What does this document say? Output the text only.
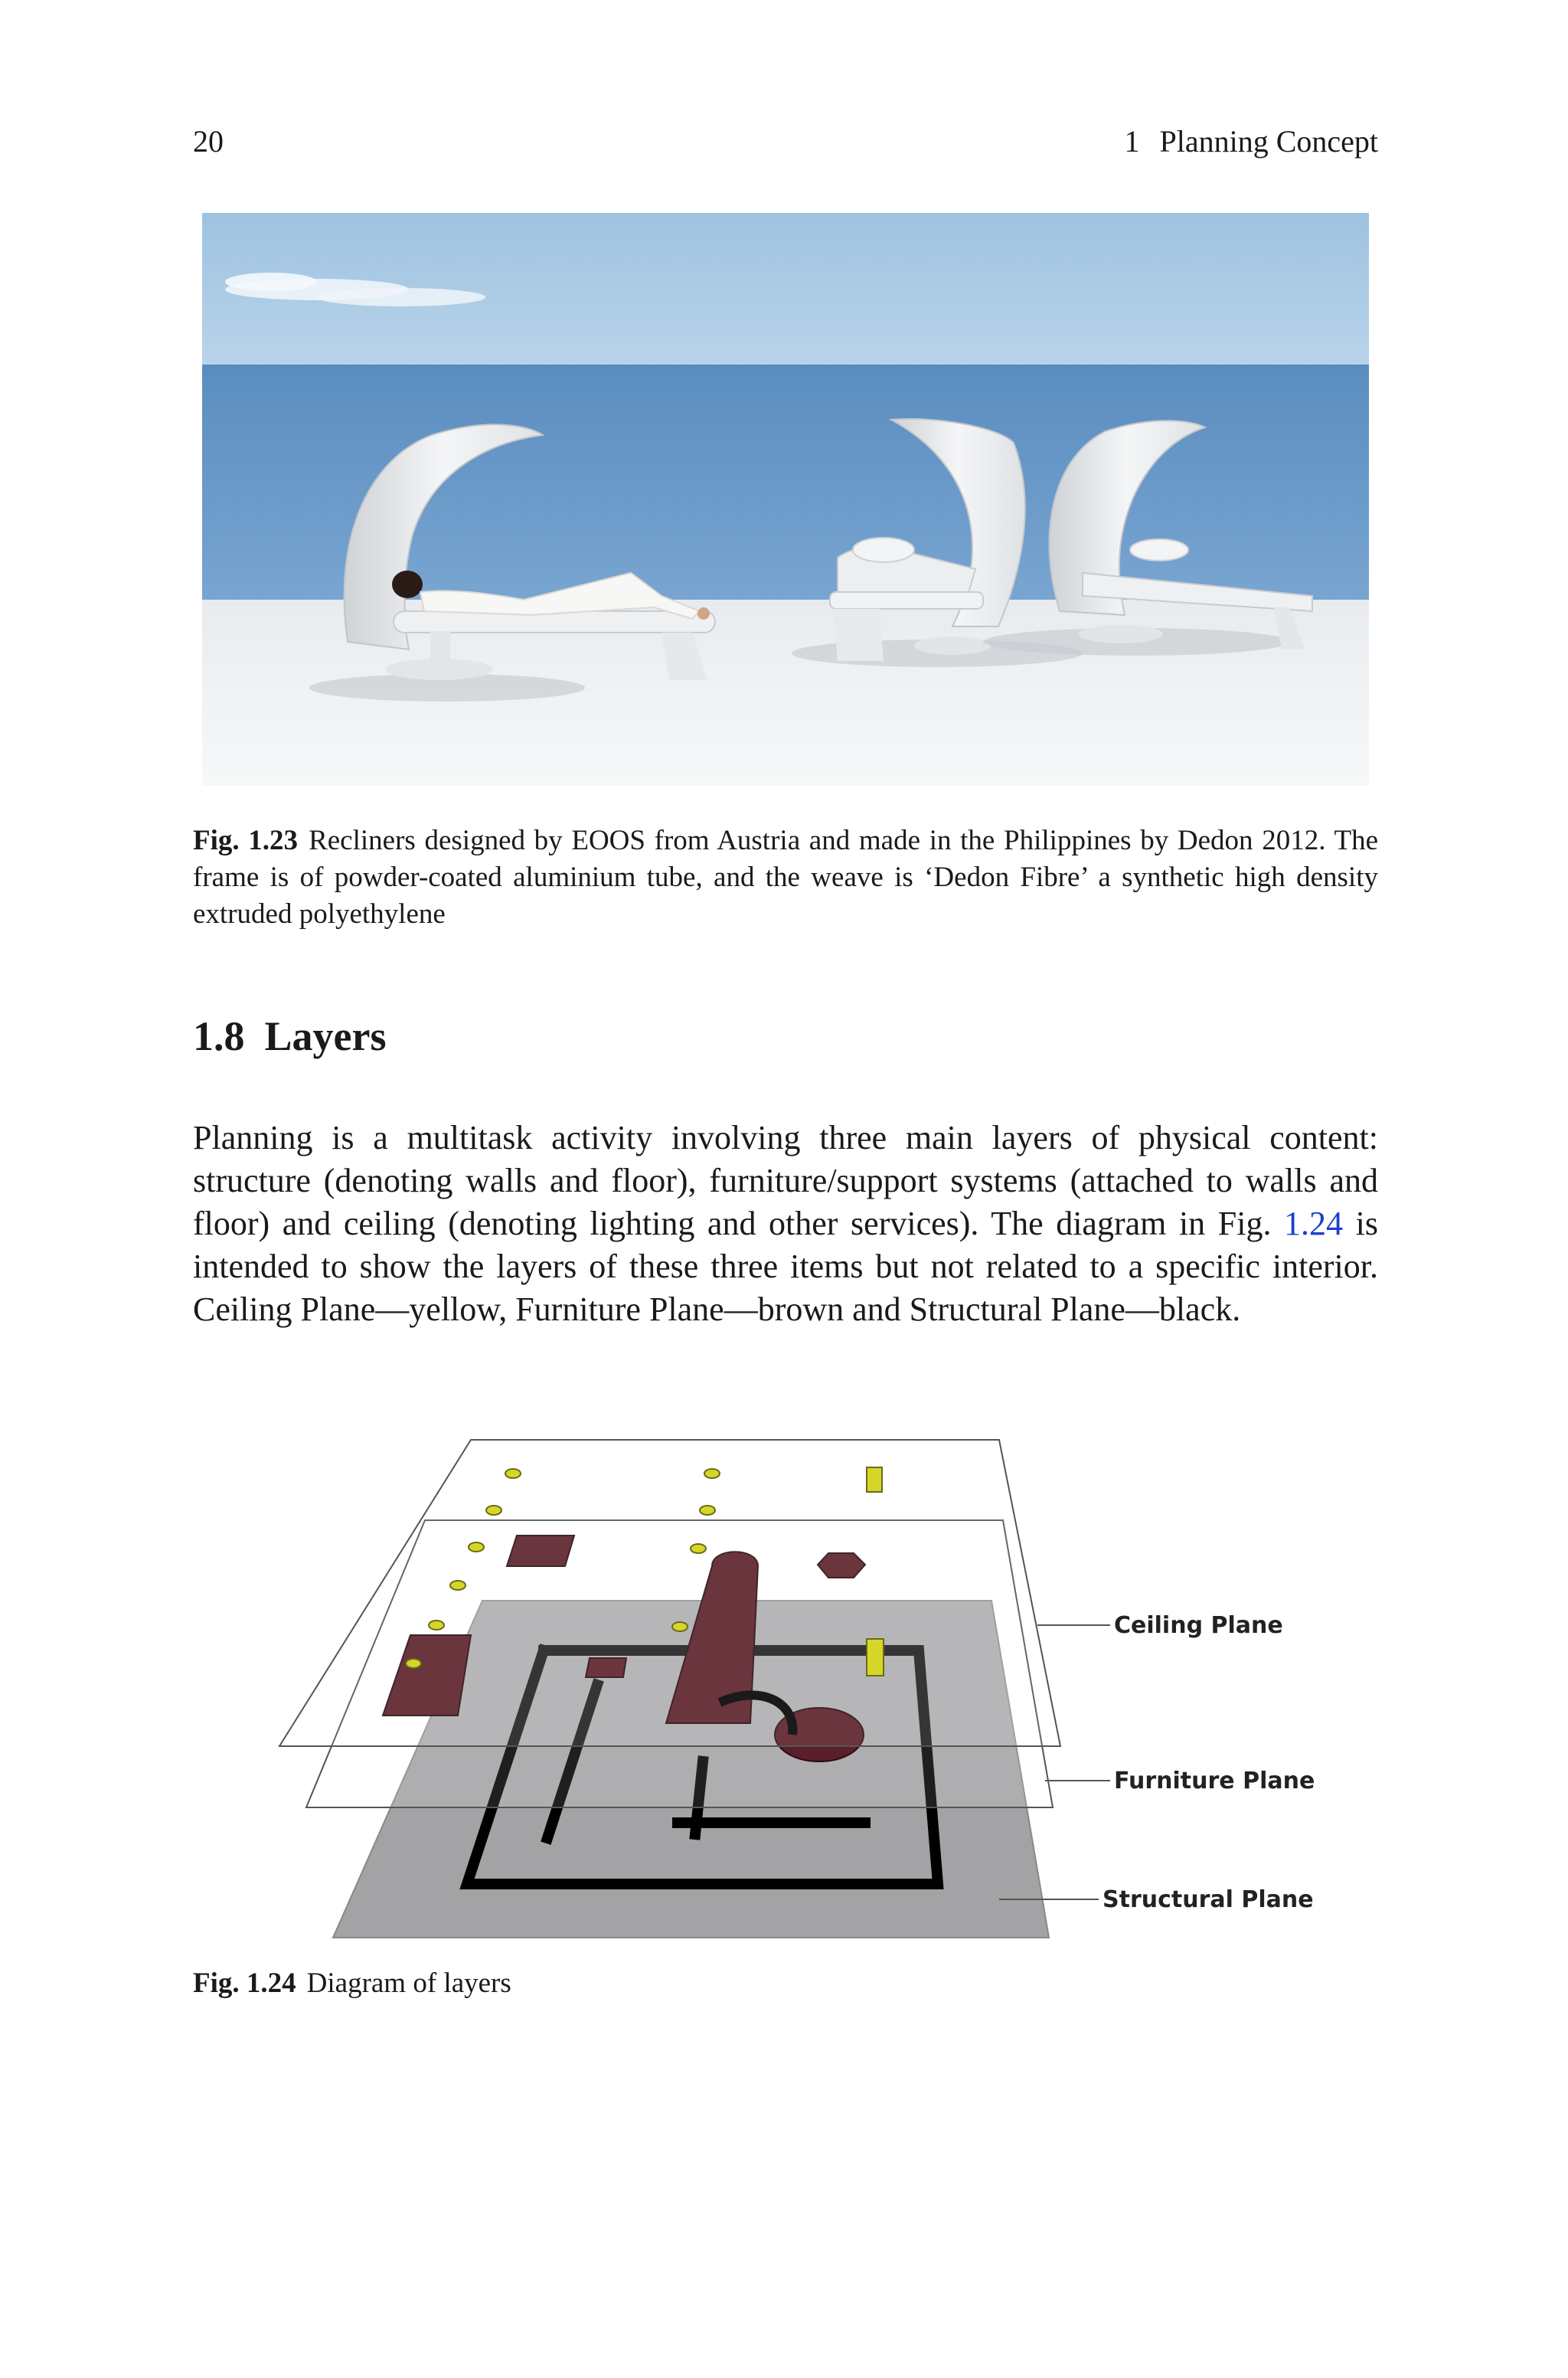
20	1 Planning Concept
Fig. 1.23 Recliners designed by EOOS from Austria and made in the Philippines by Dedon 2012. The frame is of powder-coated aluminium tube, and the weave is ‘Dedon Fibre’ a synthetic high density extruded polyethylene
1.8 Layers
Planning is a multitask activity involving three main layers of physical content: structure (denoting walls and floor), furniture/support systems (attached to walls and floor) and ceiling (denoting lighting and other services). The diagram in Fig. 1.24 is intended to show the layers of these three items but not related to a specific interior. Ceiling Plane—yellow, Furniture Plane—brown and Structural Plane—black.
Ceiling Plane
Furniture Plane
Structural Plane
Fig. 1.24 Diagram of layers
